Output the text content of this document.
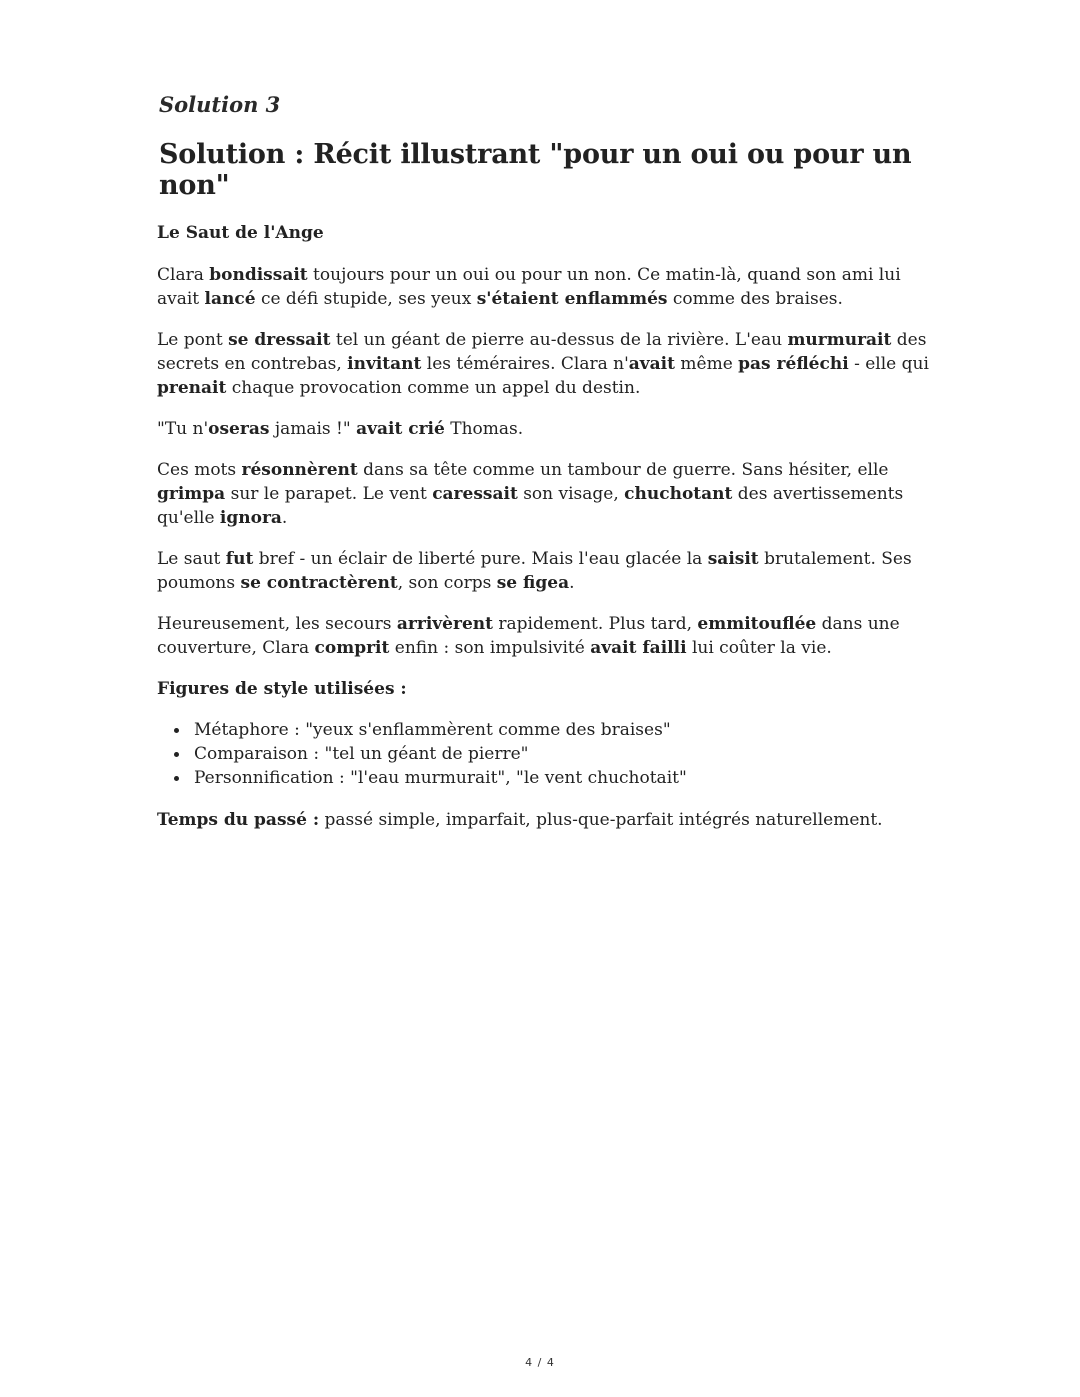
Solution 3
Solution : Récit illustrant "pour un oui ou pour un non"
Le Saut de l'Ange

Clara bondissait toujours pour un oui ou pour un non. Ce matin-là, quand son ami lui avait lancé ce défi stupide, ses yeux s'étaient enflammés comme des braises.

Le pont se dressait tel un géant de pierre au-dessus de la rivière. L'eau murmurait des secrets en contrebas, invitant les téméraires. Clara n'avait même pas réfléchi - elle qui prenait chaque provocation comme un appel du destin.

"Tu n'oseras jamais !" avait crié Thomas.

Ces mots résonnèrent dans sa tête comme un tambour de guerre. Sans hésiter, elle grimpa sur le parapet. Le vent caressait son visage, chuchotant des avertissements qu'elle ignora.

Le saut fut bref - un éclair de liberté pure. Mais l'eau glacée la saisit brutalement. Ses poumons se contractèrent, son corps se figea.

Heureusement, les secours arrivèrent rapidement. Plus tard, emmitouflée dans une couverture, Clara comprit enfin : son impulsivité avait failli lui coûter la vie.

Figures de style utilisées :

• Métaphore : "yeux s'enflammèrent comme des braises"
• Comparaison : "tel un géant de pierre"
• Personnification : "l'eau murmurait", "le vent chuchotait"

Temps du passé : passé simple, imparfait, plus-que-parfait intégrés naturellement.

4 / 4
